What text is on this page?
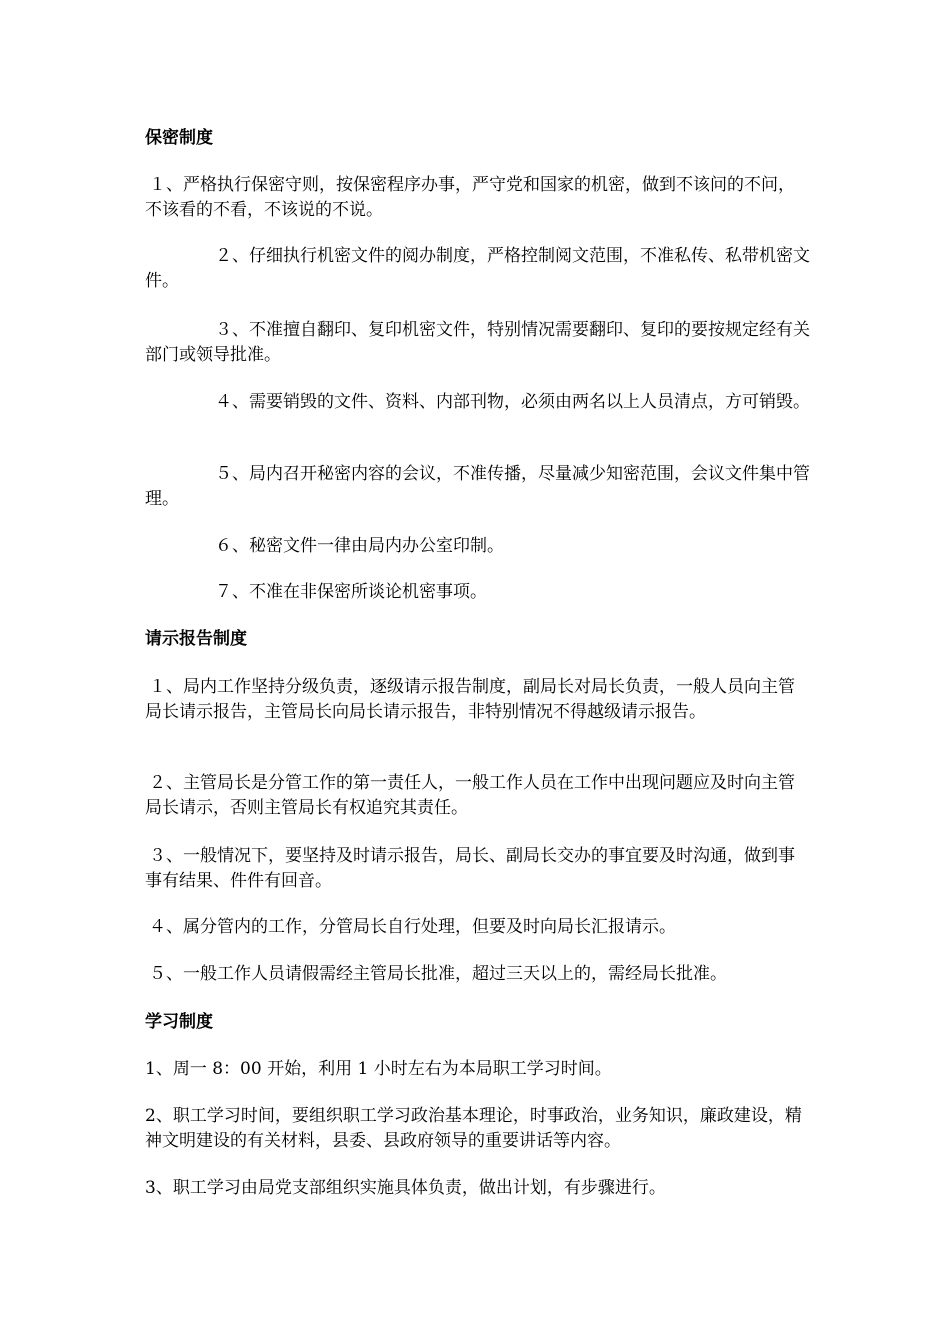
保密制度

１、严格执行保密守则，按保密程序办事，严守党和国家的机密，做到不该问的不问，不该看的不看，不该说的不说。

２、仔细执行机密文件的阅办制度，严格控制阅文范围，不准私传、私带机密文件。

３、不准擅自翻印、复印机密文件，特别情况需要翻印、复印的要按规定经有关部门或领导批准。

４、需要销毁的文件、资料、内部刊物，必须由两名以上人员清点，方可销毁。

５、局内召开秘密内容的会议，不准传播，尽量减少知密范围，会议文件集中管理。

６、秘密文件一律由局内办公室印制。

７、不准在非保密所谈论机密事项。

请示报告制度

１、局内工作坚持分级负责，逐级请示报告制度，副局长对局长负责，一般人员向主管局长请示报告，主管局长向局长请示报告，非特别情况不得越级请示报告。

２、主管局长是分管工作的第一责任人，一般工作人员在工作中出现问题应及时向主管局长请示，否则主管局长有权追究其责任。

３、一般情况下，要坚持及时请示报告，局长、副局长交办的事宜要及时沟通，做到事事有结果、件件有回音。

４、属分管内的工作，分管局长自行处理，但要及时向局长汇报请示。

５、一般工作人员请假需经主管局长批准，超过三天以上的，需经局长批准。

学习制度

1、周一 8：00 开始，利用 1 小时左右为本局职工学习时间。

2、职工学习时间，要组织职工学习政治基本理论，时事政治，业务知识，廉政建设，精神文明建设的有关材料，县委、县政府领导的重要讲话等内容。

3、职工学习由局党支部组织实施具体负责，做出计划，有步骤进行。
